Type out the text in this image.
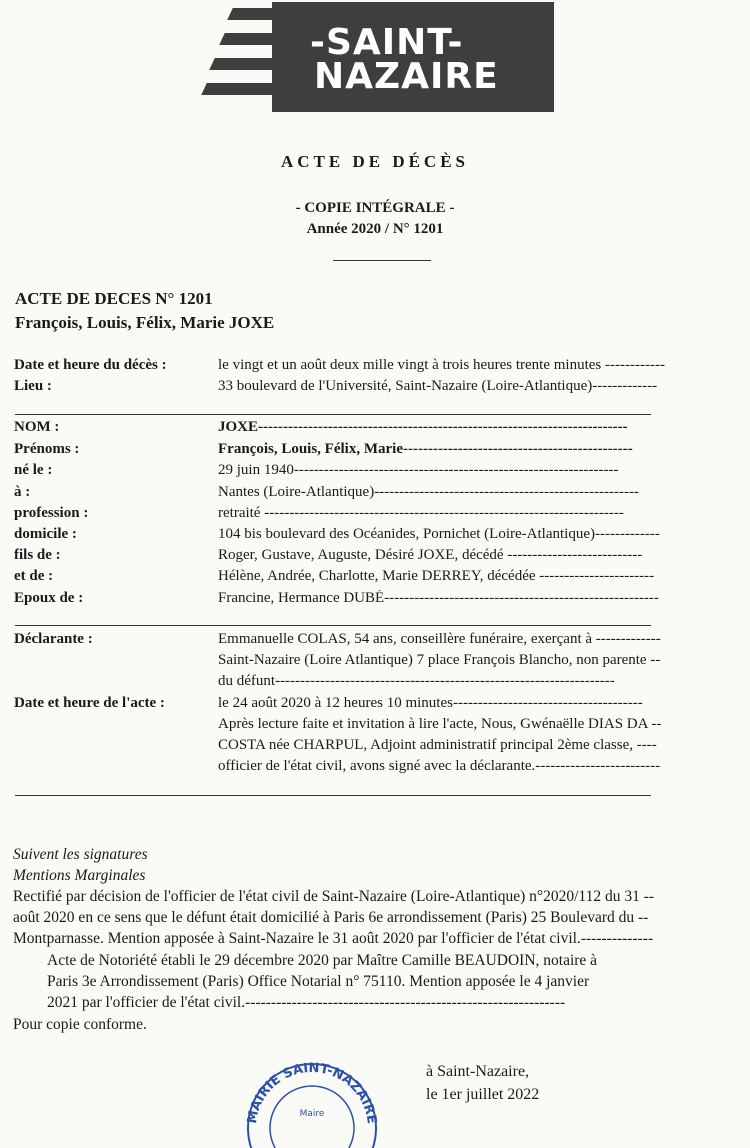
-SAINT-
NAZAIRE
ACTE DE DÉCÈS
- COPIE INTÉGRALE -
Année 2020 / N° 1201
ACTE DE DECES N° 1201
François, Louis, Félix, Marie JOXE
Date et heure du décès :	le vingt et un août deux mille vingt à trois heures trente minutes ------------
Lieu :	33 boulevard de l'Université, Saint-Nazaire (Loire-Atlantique)-------------
NOM :	JOXE--------------------------------------------------------------------------
Prénoms :	François, Louis, Félix, Marie----------------------------------------------
né le :	29 juin 1940-----------------------------------------------------------------
à :	Nantes (Loire-Atlantique)-----------------------------------------------------
profession :	retraité ------------------------------------------------------------------------
domicile :	104 bis boulevard des Océanides, Pornichet (Loire-Atlantique)-------------
fils de :	Roger, Gustave, Auguste, Désiré JOXE, décédé ---------------------------
et de :	Hélène, Andrée, Charlotte, Marie DERREY, décédée -----------------------
Epoux de :	Francine, Hermance DUBÉ-------------------------------------------------------
Déclarante :	Emmanuelle COLAS, 54 ans, conseillère funéraire, exerçant à -------------
Saint-Nazaire (Loire Atlantique) 7 place François Blancho, non parente --
du défunt--------------------------------------------------------------------
Date et heure de l'acte :	le 24 août 2020 à 12 heures 10 minutes--------------------------------------
Après lecture faite et invitation à lire l'acte, Nous, Gwénaëlle DIAS DA --
COSTA née CHARPUL, Adjoint administratif principal 2ème classe, ----
officier de l'état civil, avons signé avec la déclarante.-------------------------
Suivent les signatures
Mentions Marginales
Rectifié par décision de l'officier de l'état civil de Saint-Nazaire (Loire-Atlantique) n°2020/112 du 31 --
août 2020 en ce sens que le défunt était domicilié à Paris 6e arrondissement (Paris) 25 Boulevard du --
Montparnasse. Mention apposée à Saint-Nazaire le 31 août 2020 par l'officier de l'état civil.--------------
Acte de Notoriété établi le 29 décembre 2020 par Maître Camille BEAUDOIN, notaire à
Paris 3e Arrondissement (Paris) Office Notarial n° 75110. Mention apposée le 4 janvier
2021 par l'officier de l'état civil.--------------------------------------------------------------
Pour copie conforme.
à Saint-Nazaire,
le 1er juillet 2022
MAIRIE SAINT-NAZAIRE
Maire
